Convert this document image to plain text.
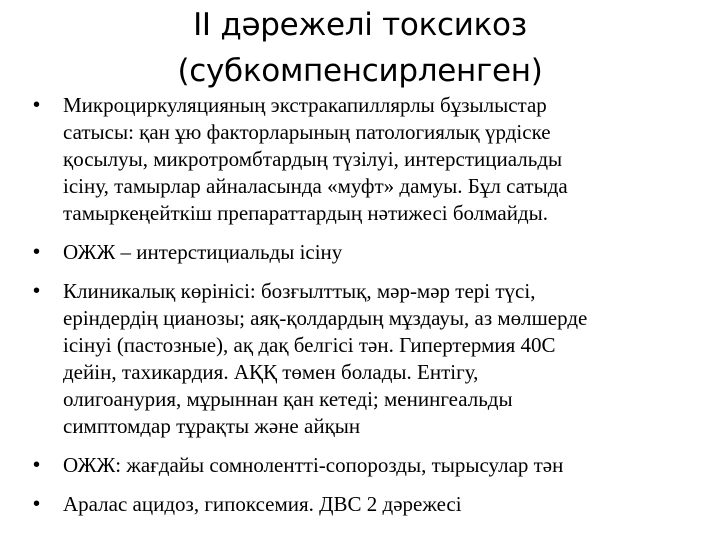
ІІ дәрежелі токсикоз
(субкомпенсирленген)
• Микроциркуляцияның экстракапиллярлы бұзылыстар
сатысы: қан ұю факторларының патологиялық үрдіске
қосылуы, микротромбтардың түзілуі, интерстициальды
ісіну, тамырлар айналасында «муфт» дамуы. Бұл сатыда
тамыркеңейткіш препараттардың нәтижесі болмайды.
• ОЖЖ – интерстициальды ісіну
• Клиникалық көрінісі: бозғылттық, мәр-мәр тері түсі,
еріндердің цианозы; аяқ-қолдардың мұздауы, аз мөлшерде
ісінуі (пастозные), ақ дақ белгісі тән. Гипертермия 40С
дейін, тахикардия. АҚҚ төмен болады. Ентігу,
олигоанурия, мұрыннан қан кетеді; менингеальды
симптомдар тұрақты және айқын
• ОЖЖ: жағдайы сомнолентті-сопорозды, тырысулар тән
• Аралас ацидоз, гипоксемия. ДВС 2 дәрежесі
